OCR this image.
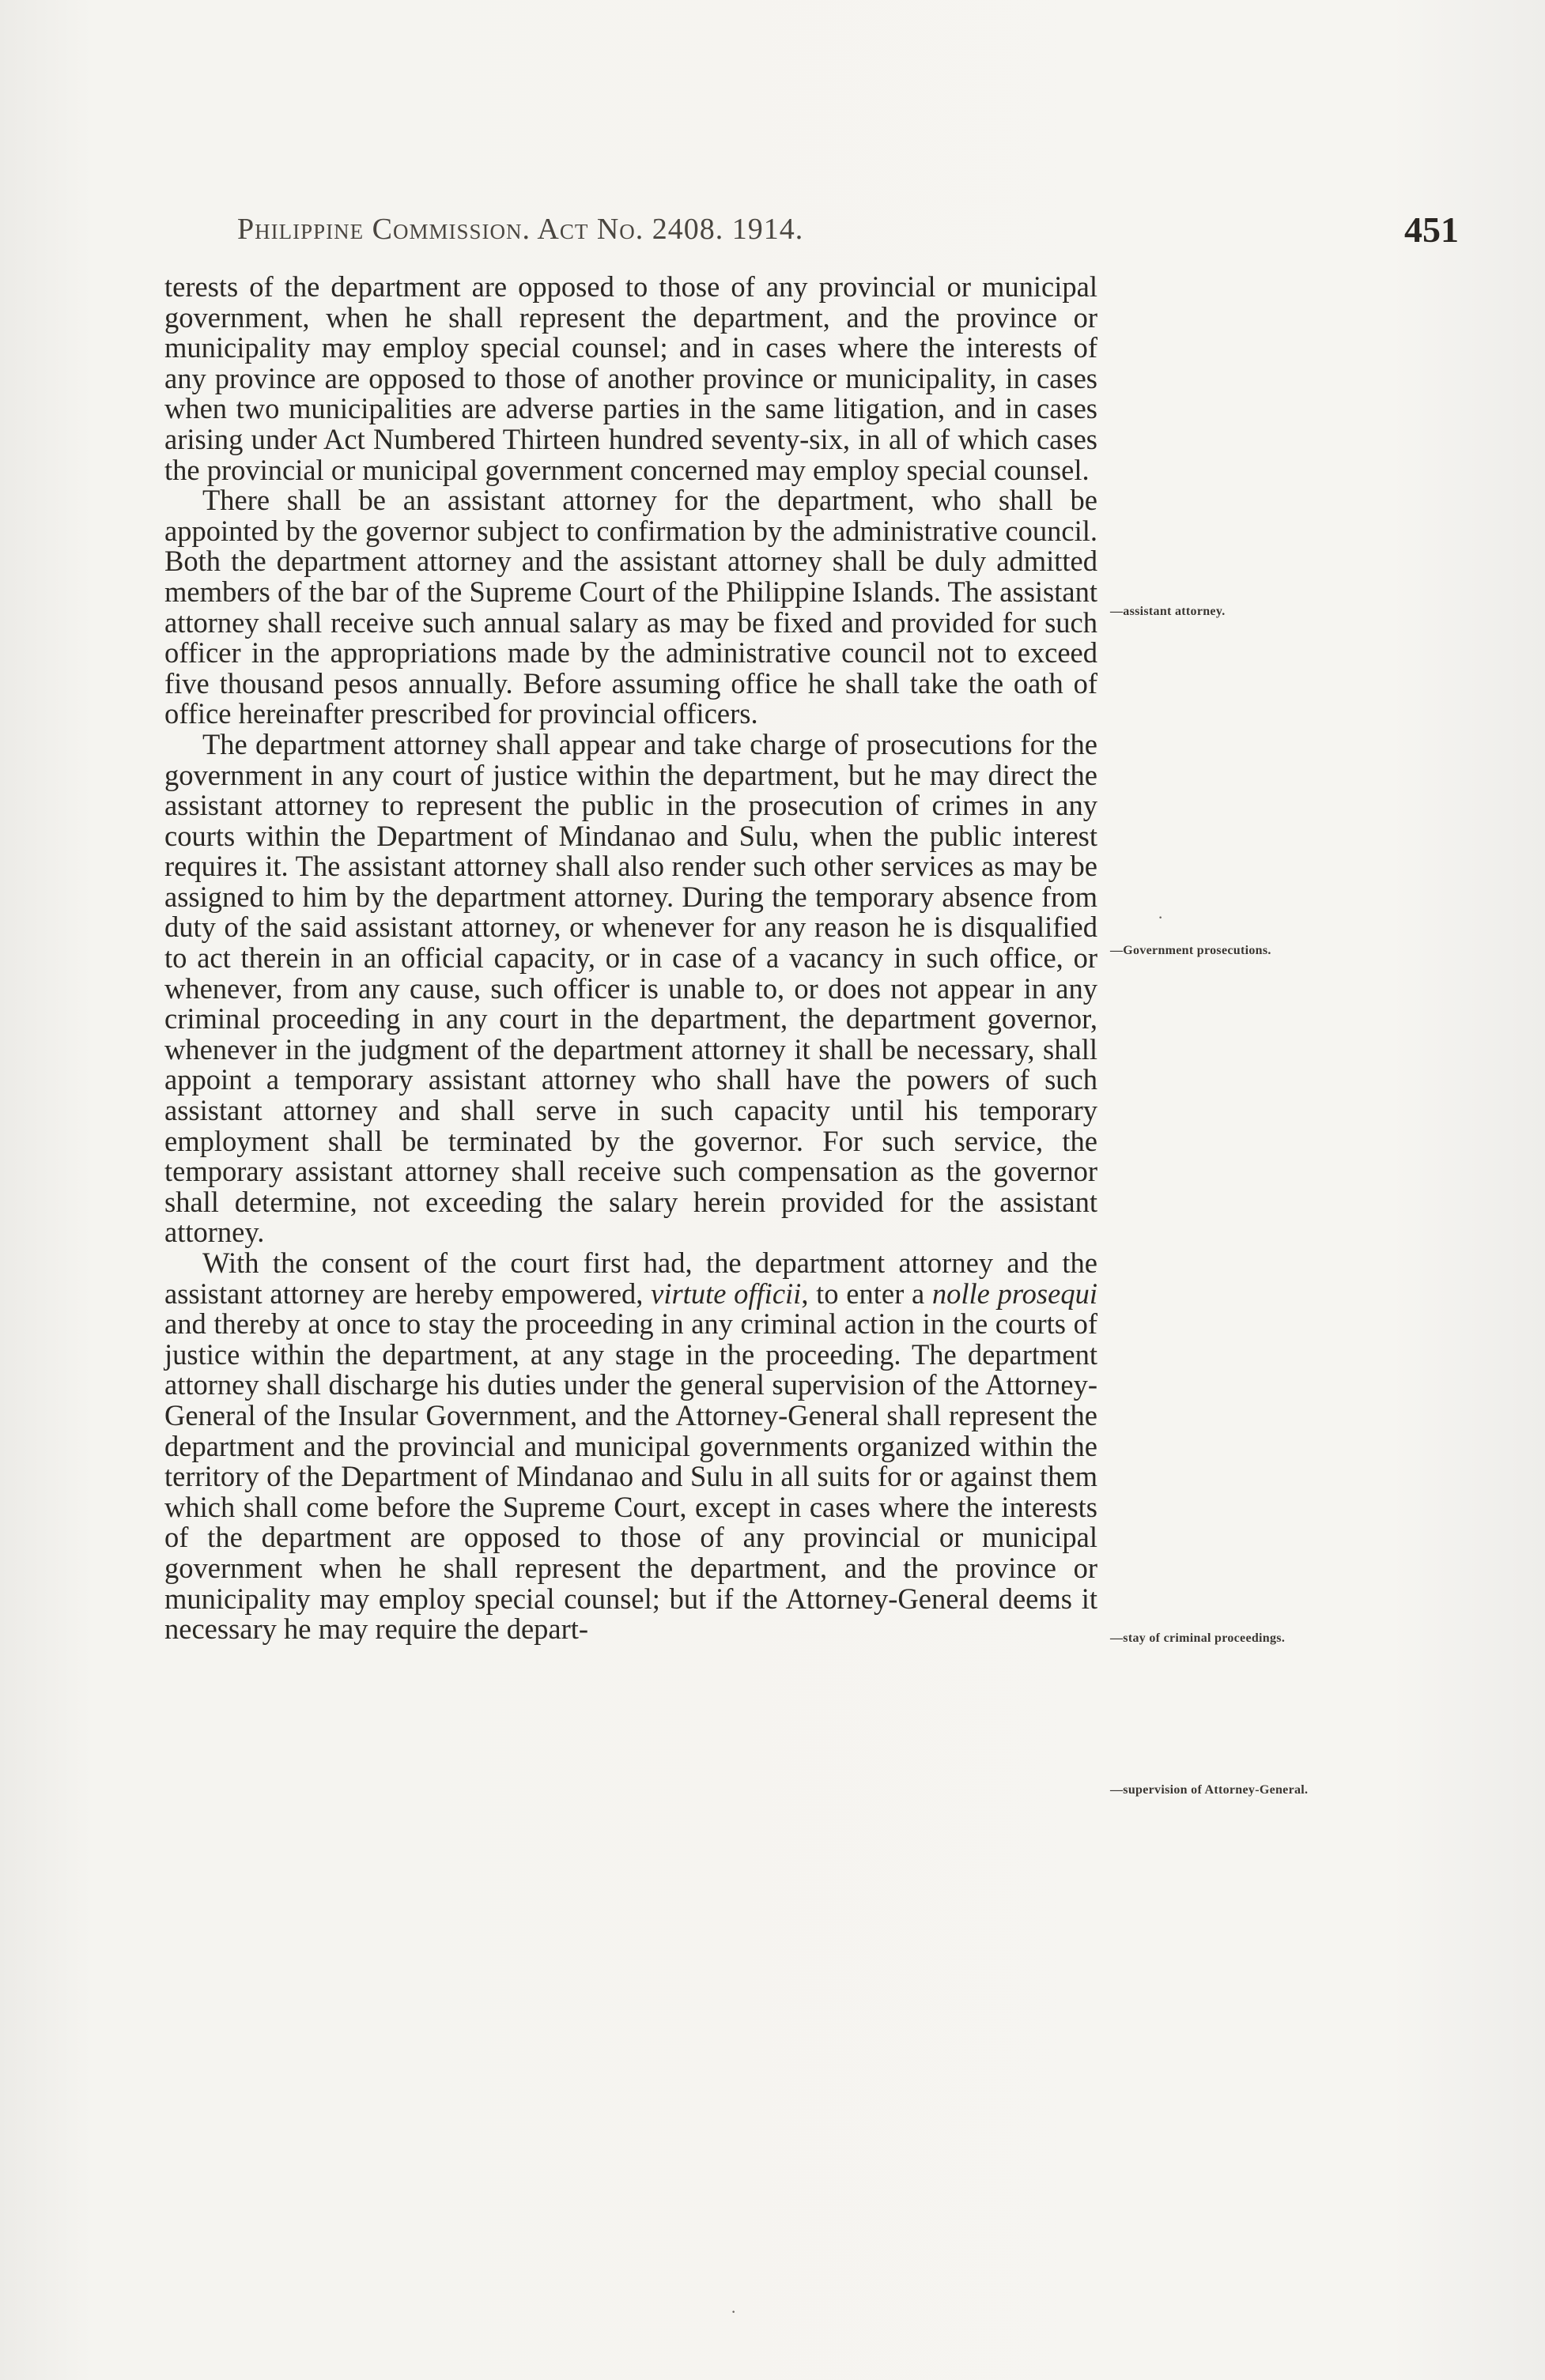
Philippine Commission. Act No. 2408. 1914.	451

terests of the department are opposed to those of any provincial or municipal government, when he shall represent the department, and the province or municipality may employ special counsel; and in cases where the interests of any province are opposed to those of another province or municipality, in cases when two municipalities are adverse parties in the same litigation, and in cases arising under Act Numbered Thirteen hundred seventy-six, in all of which cases the provincial or municipal government concerned may employ special counsel.

There shall be an assistant attorney for the department, who shall be appointed by the governor subject to confirmation by the administrative council. Both the department attorney and the assistant attorney shall be duly admitted members of the bar of the Supreme Court of the Philippine Islands. The assistant attorney shall receive such annual salary as may be fixed and provided for such officer in the appropriations made by the administrative council not to exceed five thousand pesos annually. Before assuming office he shall take the oath of office hereinafter prescribed for provincial officers.

The department attorney shall appear and take charge of prosecutions for the government in any court of justice within the department, but he may direct the assistant attorney to represent the public in the prosecution of crimes in any courts within the Department of Mindanao and Sulu, when the public interest requires it. The assistant attorney shall also render such other services as may be assigned to him by the department attorney. During the temporary absence from duty of the said assistant attorney, or whenever for any reason he is disqualified to act therein in an official capacity, or in case of a vacancy in such office, or whenever, from any cause, such officer is unable to, or does not appear in any criminal proceeding in any court in the department, the department governor, whenever in the judgment of the department attorney it shall be necessary, shall appoint a temporary assistant attorney who shall have the powers of such assistant attorney and shall serve in such capacity until his temporary employment shall be terminated by the governor. For such service, the temporary assistant attorney shall receive such compensation as the governor shall determine, not exceeding the salary herein provided for the assistant attorney.

With the consent of the court first had, the department attorney and the assistant attorney are hereby empowered, virtute officii, to enter a nolle prosequi and thereby at once to stay the proceeding in any criminal action in the courts of justice within the department, at any stage in the proceeding. The department attorney shall discharge his duties under the general supervision of the Attorney-General of the Insular Government, and the Attorney-General shall represent the department and the provincial and municipal governments organized within the territory of the Department of Mindanao and Sulu in all suits for or against them which shall come before the Supreme Court, except in cases where the interests of the department are opposed to those of any provincial or municipal government when he shall represent the department, and the province or municipality may employ special counsel; but if the Attorney-General deems it necessary he may require the depart-

—assistant attorney.
—Government prosecutions.
—stay of criminal proceedings.
—supervision of Attorney-General.
·
·
